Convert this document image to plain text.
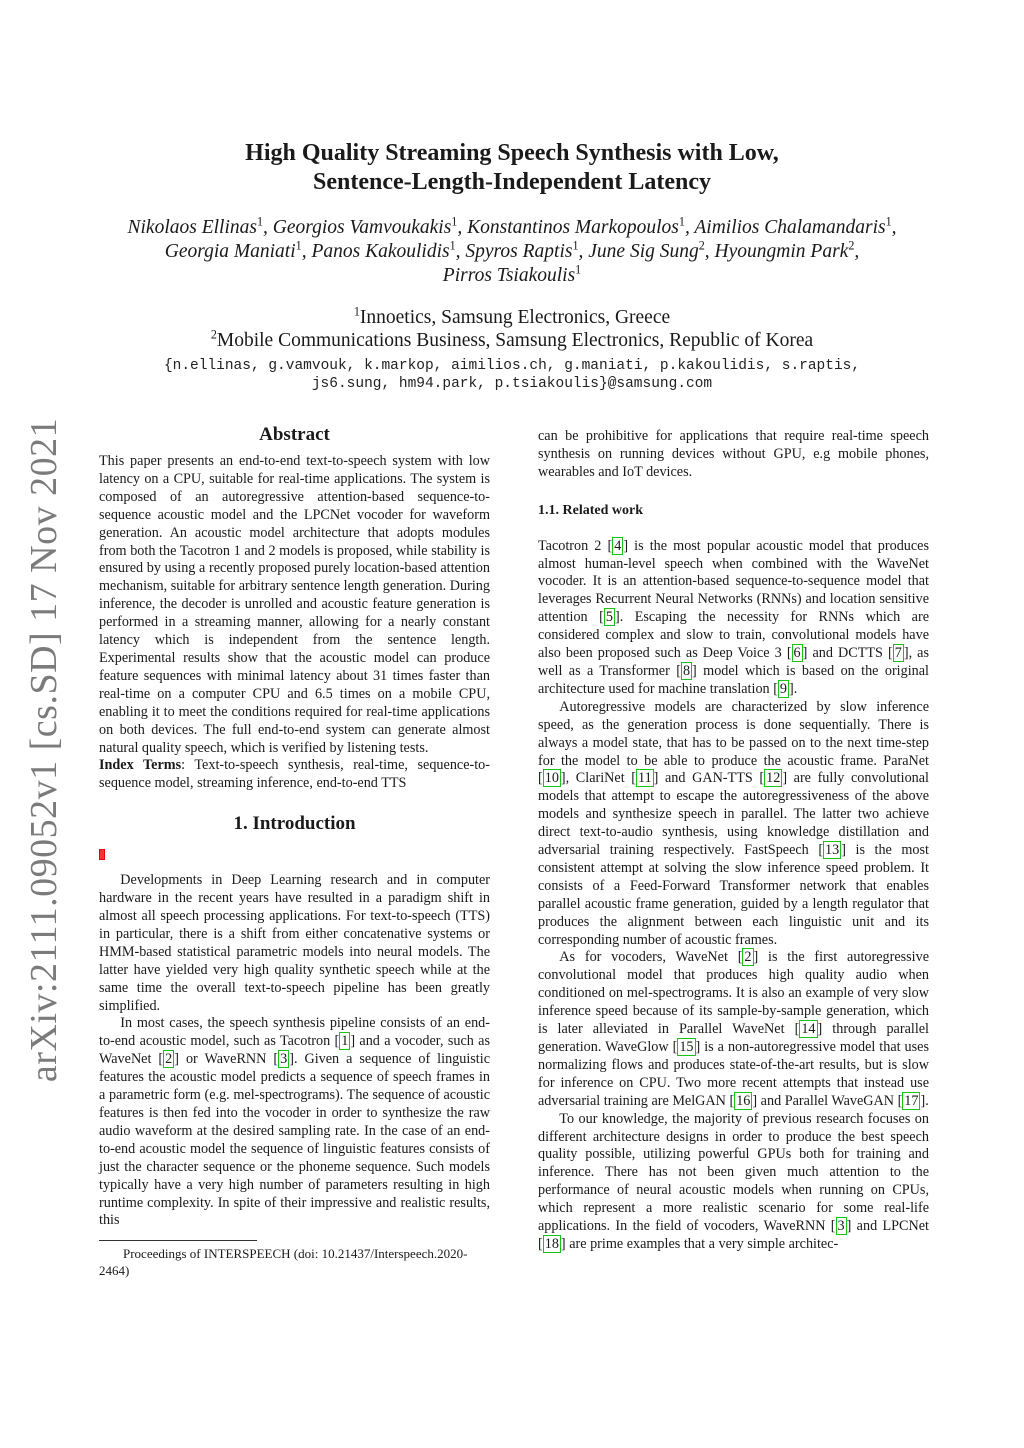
arXiv:2111.09052v1 [cs.SD] 17 Nov 2021
High Quality Streaming Speech Synthesis with Low,
Sentence-Length-Independent Latency
Nikolaos Ellinas$^1$, Georgios Vamvoukakis$^1$, Konstantinos Markopoulos$^1$, Aimilios Chalamandaris$^1$,
Georgia Maniati$^1$, Panos Kakoulidis$^1$, Spyros Raptis$^1$, June Sig Sung$^2$, Hyoungmin Park$^2$,
Pirros Tsiakoulis$^1$
$^1$Innoetics, Samsung Electronics, Greece
$^2$Mobile Communications Business, Samsung Electronics, Republic of Korea
{n.ellinas, g.vamvouk, k.markop, aimilios.ch, g.maniati, p.kakoulidis, s.raptis,
js6.sung, hm94.park, p.tsiakoulis}@samsung.com
Abstract

This paper presents an end-to-end text-to-speech system with low latency on a CPU, suitable for real-time applications. The system is composed of an autoregressive attention-based sequence-to-sequence acoustic model and the LPCNet vocoder for waveform generation. An acoustic model architecture that adopts modules from both the Tacotron 1 and 2 models is proposed, while stability is ensured by using a recently proposed purely location-based attention mechanism, suitable for arbitrary sentence length generation. During inference, the decoder is unrolled and acoustic feature generation is performed in a streaming manner, allowing for a nearly constant latency which is independent from the sentence length. Experimental results show that the acoustic model can produce feature sequences with minimal latency about 31 times faster than real-time on a computer CPU and 6.5 times on a mobile CPU, enabling it to meet the conditions required for real-time applications on both devices. The full end-to-end system can generate almost natural quality speech, which is verified by listening tests.

Index Terms: Text-to-speech synthesis, real-time, sequence-to-sequence model, streaming inference, end-to-end TTS

1. Introduction

Developments in Deep Learning research and in computer hardware in the recent years have resulted in a paradigm shift in almost all speech processing applications. For text-to-speech (TTS) in particular, there is a shift from either concatenative systems or HMM-based statistical parametric models into neural models. The latter have yielded very high quality synthetic speech while at the same time the overall text-to-speech pipeline has been greatly simplified.

In most cases, the speech synthesis pipeline consists of an end-to-end acoustic model, such as Tacotron [ 1 ] and a vocoder, such as WaveNet [ 2 ] or WaveRNN [ 3 ]. Given a sequence of linguistic features the acoustic model predicts a sequence of speech frames in a parametric form (e.g. mel-spectrograms). The sequence of acoustic features is then fed into the vocoder in order to synthesize the raw audio waveform at the desired sampling rate. In the case of an end-to-end acoustic model the sequence of linguistic features consists of just the character sequence or the phoneme sequence. Such models typically have a very high number of parameters resulting in high runtime complexity. In spite of their impressive and realistic results, this

Proceedings of INTERSPEECH (doi: 10.21437/Interspeech.2020-2464)

can be prohibitive for applications that require real-time speech synthesis on running devices without GPU, e.g mobile phones, wearables and IoT devices.

1.1. Related work

Tacotron 2 [ 4 ] is the most popular acoustic model that produces almost human-level speech when combined with the WaveNet vocoder. It is an attention-based sequence-to-sequence model that leverages Recurrent Neural Networks (RNNs) and location sensitive attention [ 5 ]. Escaping the necessity for RNNs which are considered complex and slow to train, convolutional models have also been proposed such as Deep Voice 3 [ 6 ] and DCTTS [ 7 ], as well as a Transformer [ 8 ] model which is based on the original architecture used for machine translation [ 9 ].

Autoregressive models are characterized by slow inference speed, as the generation process is done sequentially. There is always a model state, that has to be passed on to the next time-step for the model to be able to produce the acoustic frame. ParaNet [ 10 ], ClariNet [ 11 ] and GAN-TTS [ 12 ] are fully convolutional models that attempt to escape the autoregressiveness of the above models and synthesize speech in parallel. The latter two achieve direct text-to-audio synthesis, using knowledge distillation and adversarial training respectively. FastSpeech [ 13 ] is the most consistent attempt at solving the slow inference speed problem. It consists of a Feed-Forward Transformer network that enables parallel acoustic frame generation, guided by a length regulator that produces the alignment between each linguistic unit and its corresponding number of acoustic frames.

As for vocoders, WaveNet [ 2 ] is the first autoregressive convolutional model that produces high quality audio when conditioned on mel-spectrograms. It is also an example of very slow inference speed because of its sample-by-sample generation, which is later alleviated in Parallel WaveNet [ 14 ] through parallel generation. WaveGlow [ 15 ] is a non-autoregressive model that uses normalizing flows and produces state-of-the-art results, but is slow for inference on CPU. Two more recent attempts that instead use adversarial training are MelGAN [ 16 ] and Parallel WaveGAN [ 17 ].

To our knowledge, the majority of previous research focuses on different architecture designs in order to produce the best speech quality possible, utilizing powerful GPUs both for training and inference. There has not been given much attention to the performance of neural acoustic models when running on CPUs, which represent a more realistic scenario for some real-life applications. In the field of vocoders, WaveRNN [ 3 ] and LPCNet [ 18 ] are prime examples that a very simple architec-
